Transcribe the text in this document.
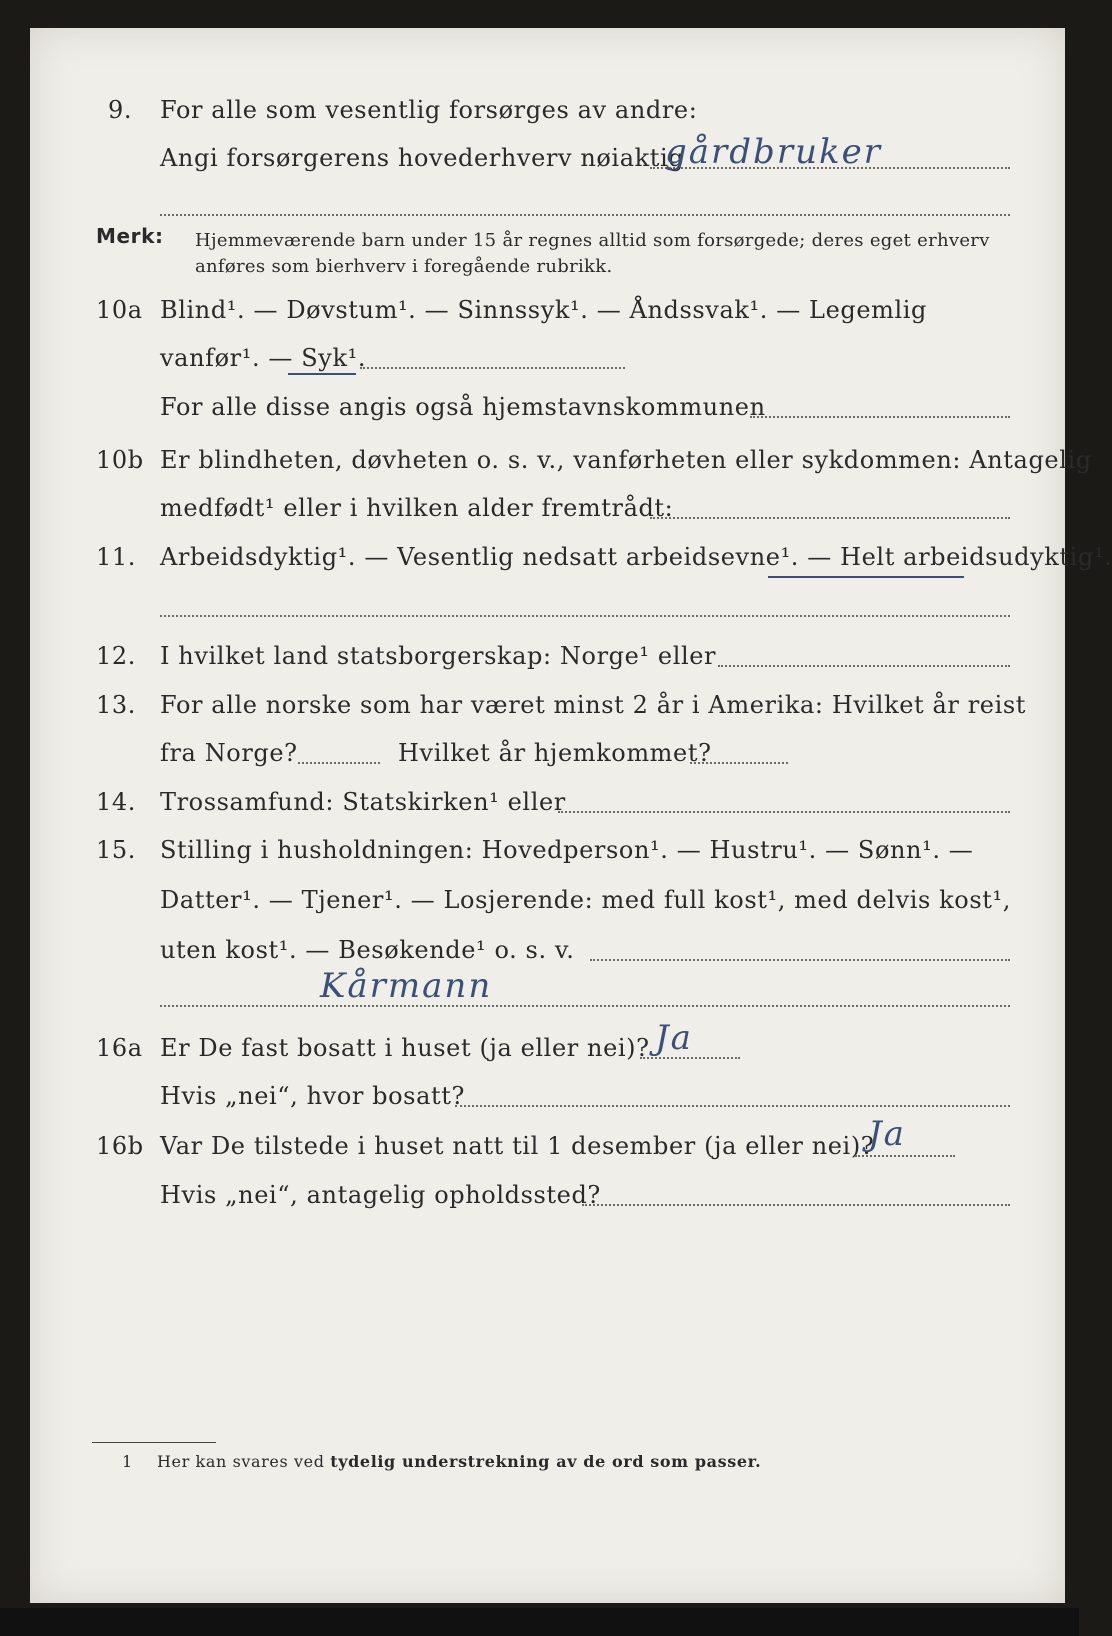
9. For alle som vesentlig forsørges av andre:
Angi forsørgerens hovederhverv nøiaktig
gårdbruker
Merk: Hjemmeværende barn under 15 år regnes alltid som forsørgede; deres eget erhverv
anføres som bierhverv i foregående rubrikk.
10a Blind¹. — Døvstum¹. — Sinnssyk¹. — Åndssvak¹. — Legemlig
vanfør¹. — Syk¹.
For alle disse angis også hjemstavnskommunen
10b Er blindheten, døvheten o. s. v., vanførheten eller sykdommen: Antagelig
medfødt¹ eller i hvilken alder fremtrådt:
11. Arbeidsdyktig¹. — Vesentlig nedsatt arbeidsevne¹. — Helt arbeidsudyktig¹.
12. I hvilket land statsborgerskap: Norge¹ eller
13. For alle norske som har været minst 2 år i Amerika: Hvilket år reist
fra Norge?	Hvilket år hjemkommet?
14. Trossamfund: Statskirken¹ eller
15. Stilling i husholdningen: Hovedperson¹. — Hustru¹. — Sønn¹. —
Datter¹. — Tjener¹. — Losjerende: med full kost¹, med delvis kost¹,
uten kost¹. — Besøkende¹ o. s. v.
Kårmann
16a Er De fast bosatt i huset (ja eller nei)? Ja
Hvis „nei“, hvor bosatt?
16b Var De tilstede i huset natt til 1 desember (ja eller nei)?
Ja
Hvis „nei“, antagelig opholdssted?
1 Her kan svares ved tydelig understrekning av de ord som passer.
